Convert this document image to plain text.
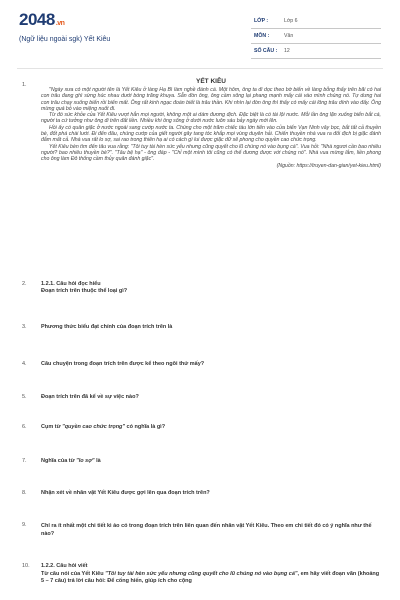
2048.vn
(Ngữ liệu ngoài sgk) Yết Kiêu
LỚP :	Lớp 6
MÔN :	Văn
SỐ CÂU : 12
1.	YẾT KIÊU

"Ngày xưa có một người tên là Yết Kiêu ở làng Hạ Bì làm nghề đánh cá. Một hôm, ông ta đi dọc theo bờ biển về làng bỗng thấy trên bãi có hai con trâu đang ghì sừng húc nhau dưới bóng trăng khuya. Sẵn đòn ông, ông cầm xông lại phang mạnh mấy cái vào mình chúng nó. Tự dưng hai con trâu chạy xuống biển rồi biến mất. Ông rất kinh ngạc đoán biết là trâu thần. Khi nhìn lại đòn ông thì thấy có mấy cái lông trâu dính vào đấy. Ông mừng quá bỏ vào miệng nuốt đi.

Từ đó sức khỏe của Yết Kiêu vượt hẳn mọi người, không một ai dám đương địch. Đặc biệt là có tài lội nước. Mỗi lần ông lặn xuống biển bắt cá, người ta cứ tưởng như ông đi trên đất liền. Nhiều khi ông sống ở dưới nước luôn sáu bảy ngày mới lên.

Hồi ấy có quân giặc ở nước ngoài sang cướp nước ta. Chúng cho một trăm chiếc tàu lớn tiến vào cửa biển Vạn Ninh vây bọc, bắt tất cả thuyền bè, đốt phá chài lưới. Đi đến đâu, chúng cướp của giết người gây tang tóc khắp mọi vùng duyên hải. Chiến thuyền nhà vua ra đối địch bị giặc đánh đắm mất cả. Nhà vua rất lo sợ, sai rao trong thiên hạ ai có cách gì lui được giặc dữ sẽ phong cho quyền cao chức trọng.

Yết Kiêu bèn tìm đến tâu vua rằng: "Tôi tuy tài hèn sức yếu nhưng cũng quyết cho lũ chúng nó vào bụng cá". Vua hỏi: "Nhà ngươi cần bao nhiêu người? bao nhiêu thuyền bè?". "Tâu bệ hạ" - ông đáp - "Chỉ một mình tôi cũng có thể đương được với chúng nó". Nhà vua mừng lắm, liền phong cho ông làm Đô thống cầm thủy quân đánh giặc".

(Nguồn: https://truyen-dan-gian/yet-kieu.html)

2.	1.2.1. Câu hỏi đọc hiểu
Đoạn trích trên thuộc thể loại gì?
3.	Phương thức biểu đạt chính của đoạn trích trên là
4.	Câu chuyện trong đoạn trích trên được kể theo ngôi thứ mấy?
5.	Đoạn trích trên đã kể về sự việc nào?
6.	Cụm từ "quyền cao chức trọng" có nghĩa là gì?
7.	Nghĩa của từ "lo sợ" là
8.	Nhận xét về nhân vật Yết Kiêu được gợi lên qua đoạn trích trên?
9.	Chỉ ra ít nhất một chi tiết kì ảo có trong đoạn trích trên liên quan đến nhân vật Yết Kiêu. Theo em chi tiết đó có ý nghĩa như thế nào?
10. 1.2.2. Câu hỏi viết
Từ câu nói của Yết Kiêu "Tôi tuy tài hèn sức yếu nhưng cũng quyết cho lũ chúng nó vào bụng cá", em hãy viết đoạn văn (khoảng 5 – 7 câu) trả lời câu hỏi: Để cống hiến, giúp ích cho cộng
